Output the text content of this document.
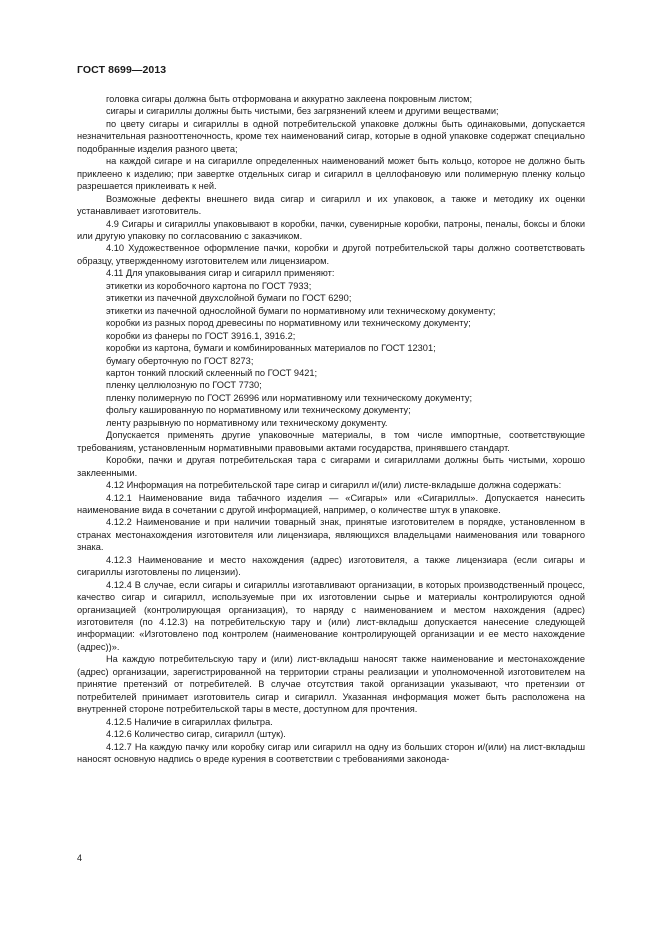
ГОСТ 8699—2013

головка сигары должна быть отформована и аккуратно заклеена покровным листом;

сигары и сигариллы должны быть чистыми, без загрязнений клеем и другими веществами;

по цвету сигары и сигариллы в одной потребительской упаковке должны быть одинаковыми, допускается незначительная разнооттеночность, кроме тех наименований сигар, которые в одной упаковке содержат специально подобранные изделия разного цвета;

на каждой сигаре и на сигарилле определенных наименований может быть кольцо, которое не должно быть приклеено к изделию; при завертке отдельных сигар и сигарилл в целлофановую или полимерную пленку кольцо разрешается приклеивать к ней.

Возможные дефекты внешнего вида сигар и сигарилл и их упаковок, а также и методику их оценки устанавливает изготовитель.

4.9 Сигары и сигариллы упаковывают в коробки, пачки, сувенирные коробки, патроны, пеналы, боксы и блоки или другую упаковку по согласованию с заказчиком.

4.10 Художественное оформление пачки, коробки и другой потребительской тары должно соответствовать образцу, утвержденному изготовителем или лицензиаром.

4.11 Для упаковывания сигар и сигарилл применяют:

этикетки из коробочного картона по ГОСТ 7933;

этикетки из пачечной двухслойной бумаги по ГОСТ 6290;

этикетки из пачечной однослойной бумаги по нормативному или техническому документу;

коробки из разных пород древесины по нормативному или техническому документу;

коробки из фанеры по ГОСТ 3916.1, 3916.2;

коробки из картона, бумаги и комбинированных материалов по ГОСТ 12301;

бумагу оберточную по ГОСТ 8273;

картон тонкий плоский склеенный по ГОСТ 9421;

пленку целлюлозную по ГОСТ 7730;

пленку полимерную по ГОСТ 26996 или нормативному или техническому документу;

фольгу кашированную по нормативному или техническому документу;

ленту разрывную по нормативному или техническому документу.

Допускается применять другие упаковочные материалы, в том числе импортные, соответствующие требованиям, установленным нормативными правовыми актами государства, принявшего стандарт.

Коробки, пачки и другая потребительская тара с сигарами и сигариллами должны быть чистыми, хорошо заклеенными.

4.12 Информация на потребительской таре сигар и сигарилл и/(или) листе-вкладыше должна содержать:

4.12.1 Наименование вида табачного изделия — «Сигары» или «Сигариллы». Допускается нанесить наименование вида в сочетании с другой информацией, например, о количестве штук в упаковке.

4.12.2 Наименование и при наличии товарный знак, принятые изготовителем в порядке, установленном в странах местонахождения изготовителя или лицензиара, являющихся владельцами наименования или товарного знака.

4.12.3 Наименование и место нахождения (адрес) изготовителя, а также лицензиара (если сигары и сигариллы изготовлены по лицензии).

4.12.4 В случае, если сигары и сигариллы изготавливают организации, в которых производственный процесс, качество сигар и сигарилл, используемые при их изготовлении сырье и материалы контролируются одной организацией (контролирующая организация), то наряду с наименованием и местом нахождения (адрес) изготовителя (по 4.12.3) на потребительскую тару и (или) лист-вкладыш допускается нанесение следующей информации: «Изготовлено под контролем (наименование контролирующей организации и ее место нахождение (адрес))».

На каждую потребительскую тару и (или) лист-вкладыш наносят также наименование и местонахождение (адрес) организации, зарегистрированной на территории страны реализации и уполномоченной изготовителем на принятие претензий от потребителей. В случае отсутствия такой организации указывают, что претензии от потребителей принимает изготовитель сигар и сигарилл. Указанная информация может быть расположена на внутренней стороне потребительской тары в месте, доступном для прочтения.

4.12.5 Наличие в сигариллах фильтра.

4.12.6 Количество сигар, сигарилл (штук).

4.12.7 На каждую пачку или коробку сигар или сигарилл на одну из больших сторон и/(или) на лист-вкладыш наносят основную надпись о вреде курения в соответствии с требованиями законода-

4
